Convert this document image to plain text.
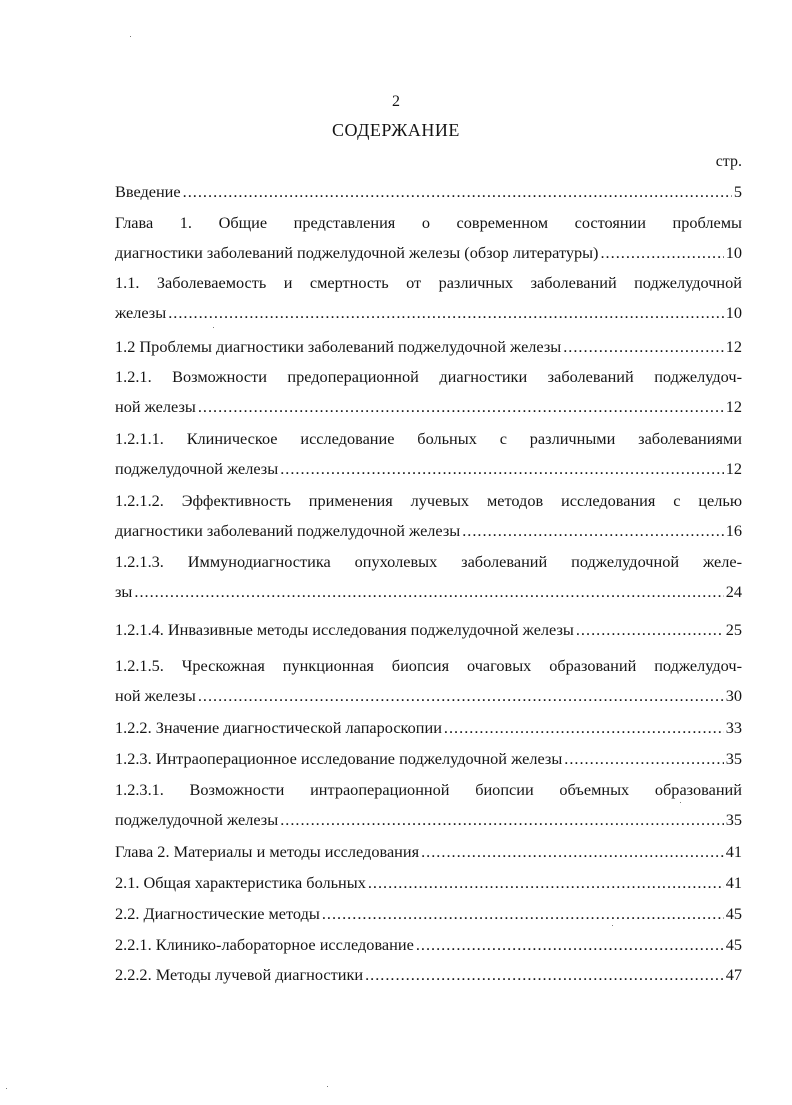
2
СОДЕРЖАНИЕ
стр.
Введение .....	5
Глава 1. Общие представления о современном состоянии проблемы
диагностики заболеваний поджелудочной железы (обзор литературы) .....	10
1.1. Заболеваемость и смертность от различных заболеваний поджелудочной
железы .....	10
1.2 Проблемы диагностики заболеваний поджелудочной железы .....	12
1.2.1. Возможности предоперационной диагностики заболеваний поджелудоч-
ной железы .....	12
1.2.1.1. Клиническое исследование больных с различными заболеваниями
поджелудочной железы .....	12
1.2.1.2. Эффективность применения лучевых методов исследования с целью
диагностики заболеваний поджелудочной железы .....	16
1.2.1.3. Иммунодиагностика опухолевых заболеваний поджелудочной желе-
зы .....	24
1.2.1.4. Инвазивные методы исследования поджелудочной железы .....	25
1.2.1.5. Чрескожная пункционная биопсия очаговых образований поджелудоч-
ной железы .....	30
1.2.2. Значение диагностической лапароскопии .....	33
1.2.3. Интраоперационное исследование поджелудочной железы .....	35
1.2.3.1. Возможности интраоперационной биопсии объемных образований
поджелудочной железы .....	35
Глава 2. Материалы и методы исследования .....	41
2.1. Общая характеристика больных .....	41
2.2. Диагностические методы .....	45
2.2.1. Клинико-лабораторное исследование .....	45
2.2.2. Методы лучевой диагностики .....	47
